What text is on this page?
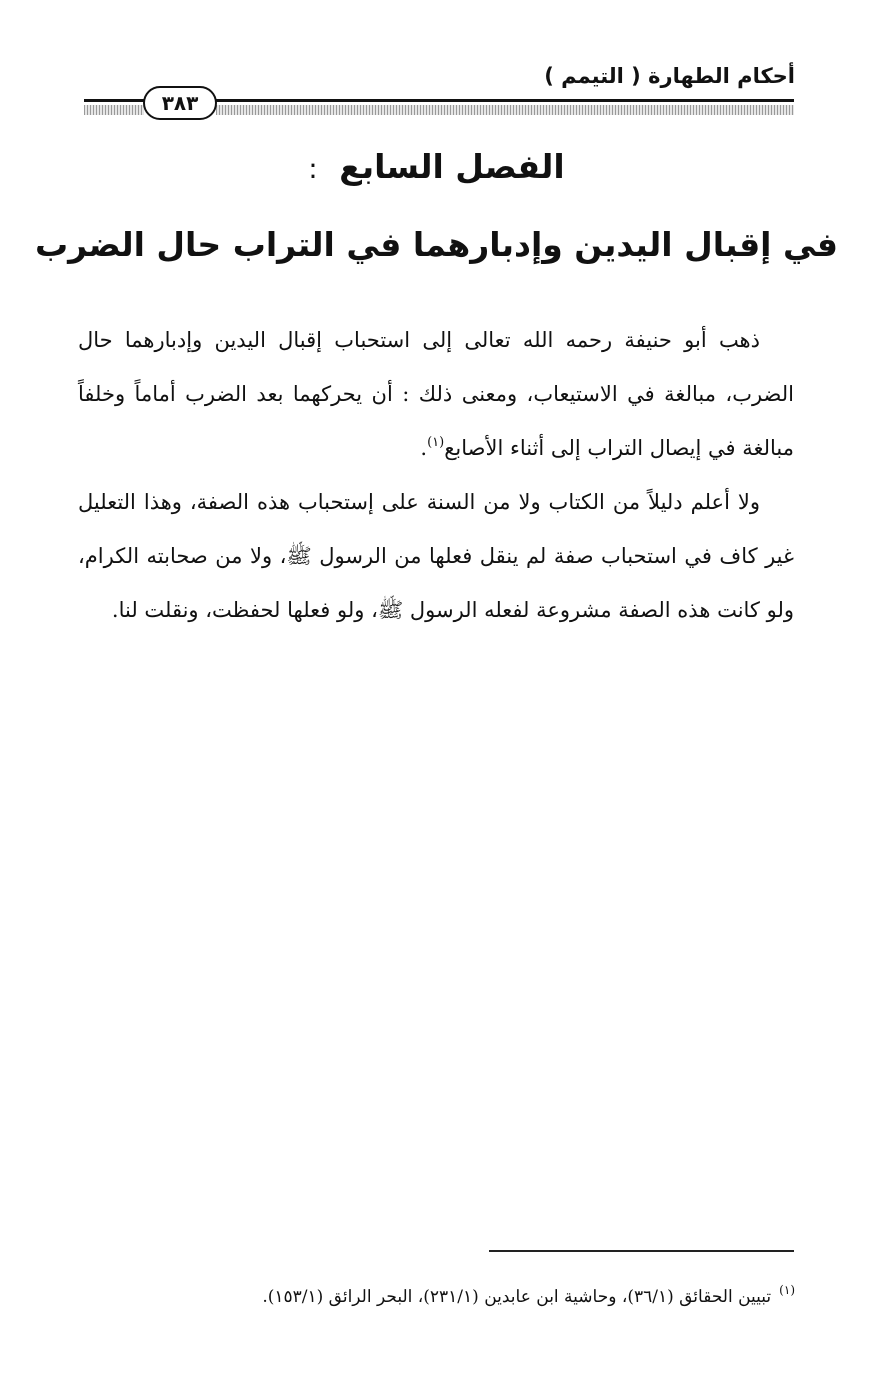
أحكام الطهارة ( التيمم )
٣٨٣
الفصل السابع :
في إقبال اليدين وإدبارهما في التراب حال الضرب

ذهب أبو حنيفة رحمه الله تعالى إلى استحباب إقبال اليدين وإدبارهما حال الضرب، مبالغة في الاستيعاب، ومعنى ذلك : أن يحركهما بعد الضرب أماماً وخلفاً مبالغة في إيصال التراب إلى أثناء الأصابع$^{(١)}$.

ولا أعلم دليلاً من الكتاب ولا من السنة على إستحباب هذه الصفة، وهذا التعليل غير كاف في استحباب صفة لم ينقل فعلها من الرسول ﷺ، ولا من صحابته الكرام، ولو كانت هذه الصفة مشروعة لفعله الرسول ﷺ، ولو فعلها لحفظت، ونقلت لنا.

$^{(١)}$تبيين الحقائق (٣٦/١)، وحاشية ابن عابدين (٢٣١/١)، البحر الرائق (١٥٣/١).
